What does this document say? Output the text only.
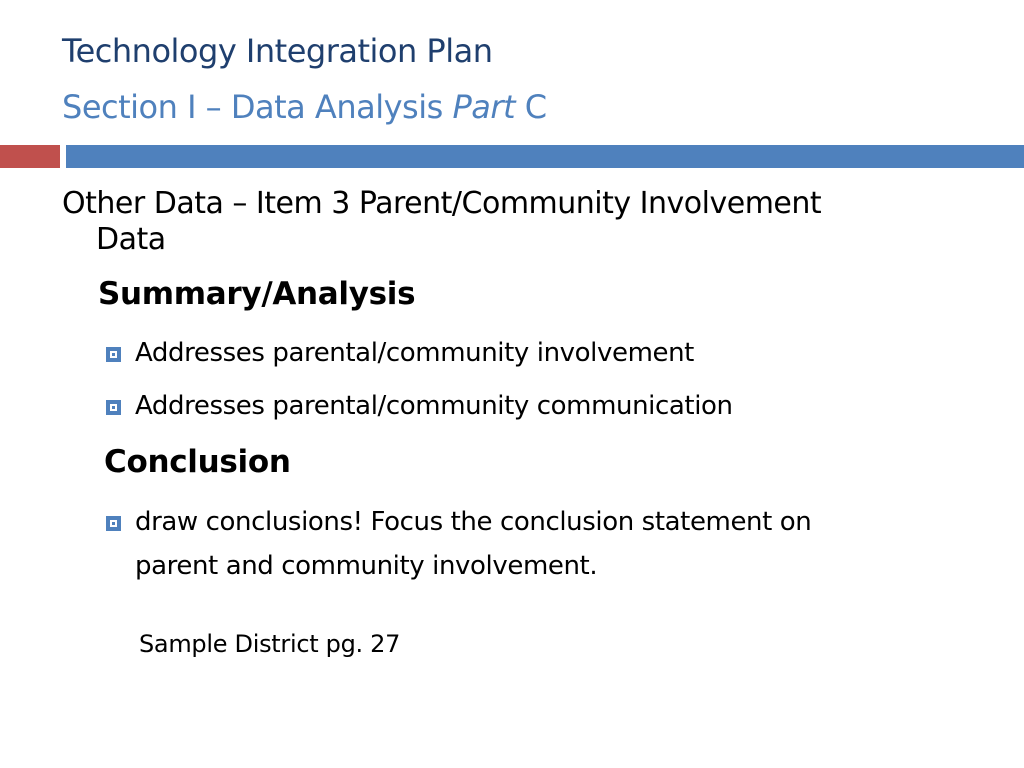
Technology Integration Plan
Section I – Data Analysis Part C
Other Data – Item 3 Parent/Community Involvement
Data
Summary/Analysis
Addresses parental/community involvement
Addresses parental/community communication
Conclusion
draw conclusions! Focus the conclusion statement on parent and community involvement.
Sample District pg. 27
